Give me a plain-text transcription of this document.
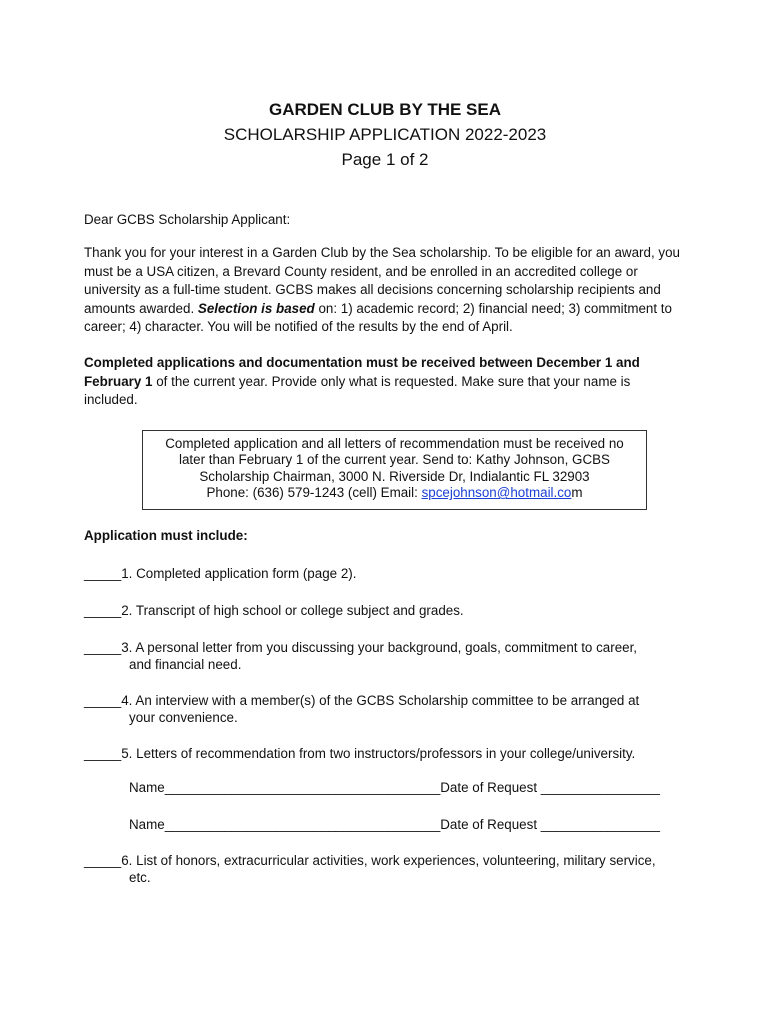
GARDEN CLUB BY THE SEA
SCHOLARSHIP APPLICATION 2022-2023
Page 1 of 2
Dear GCBS Scholarship Applicant:
Thank you for your interest in a Garden Club by the Sea scholarship. To be eligible for an award, you must be a USA citizen, a Brevard County resident, and be enrolled in an accredited college or university as a full-time student. GCBS makes all decisions concerning scholarship recipients and amounts awarded. Selection is based on: 1) academic record; 2) financial need; 3) commitment to career; 4) character. You will be notified of the results by the end of April.
Completed applications and documentation must be received between December 1 and February 1 of the current year. Provide only what is requested. Make sure that your name is included.
Completed application and all letters of recommendation must be received no
later than February 1 of the current year. Send to: Kathy Johnson, GCBS
Scholarship Chairman, 3000 N. Riverside Dr, Indialantic FL 32903
Phone: (636) 579-1243 (cell) Email: spcejohnson@hotmail.com
Application must include:
_____1. Completed application form (page 2).
_____2. Transcript of high school or college subject and grades.
_____3. A personal letter from you discussing your background, goals, commitment to career,
and financial need.
_____4. An interview with a member(s) of the GCBS Scholarship committee to be arranged at
your convenience.
_____5. Letters of recommendation from two instructors/professors in your college/university.
Name_____________________________________Date of Request ________________
Name_____________________________________Date of Request ________________
_____6. List of honors, extracurricular activities, work experiences, volunteering, military service,
etc.
